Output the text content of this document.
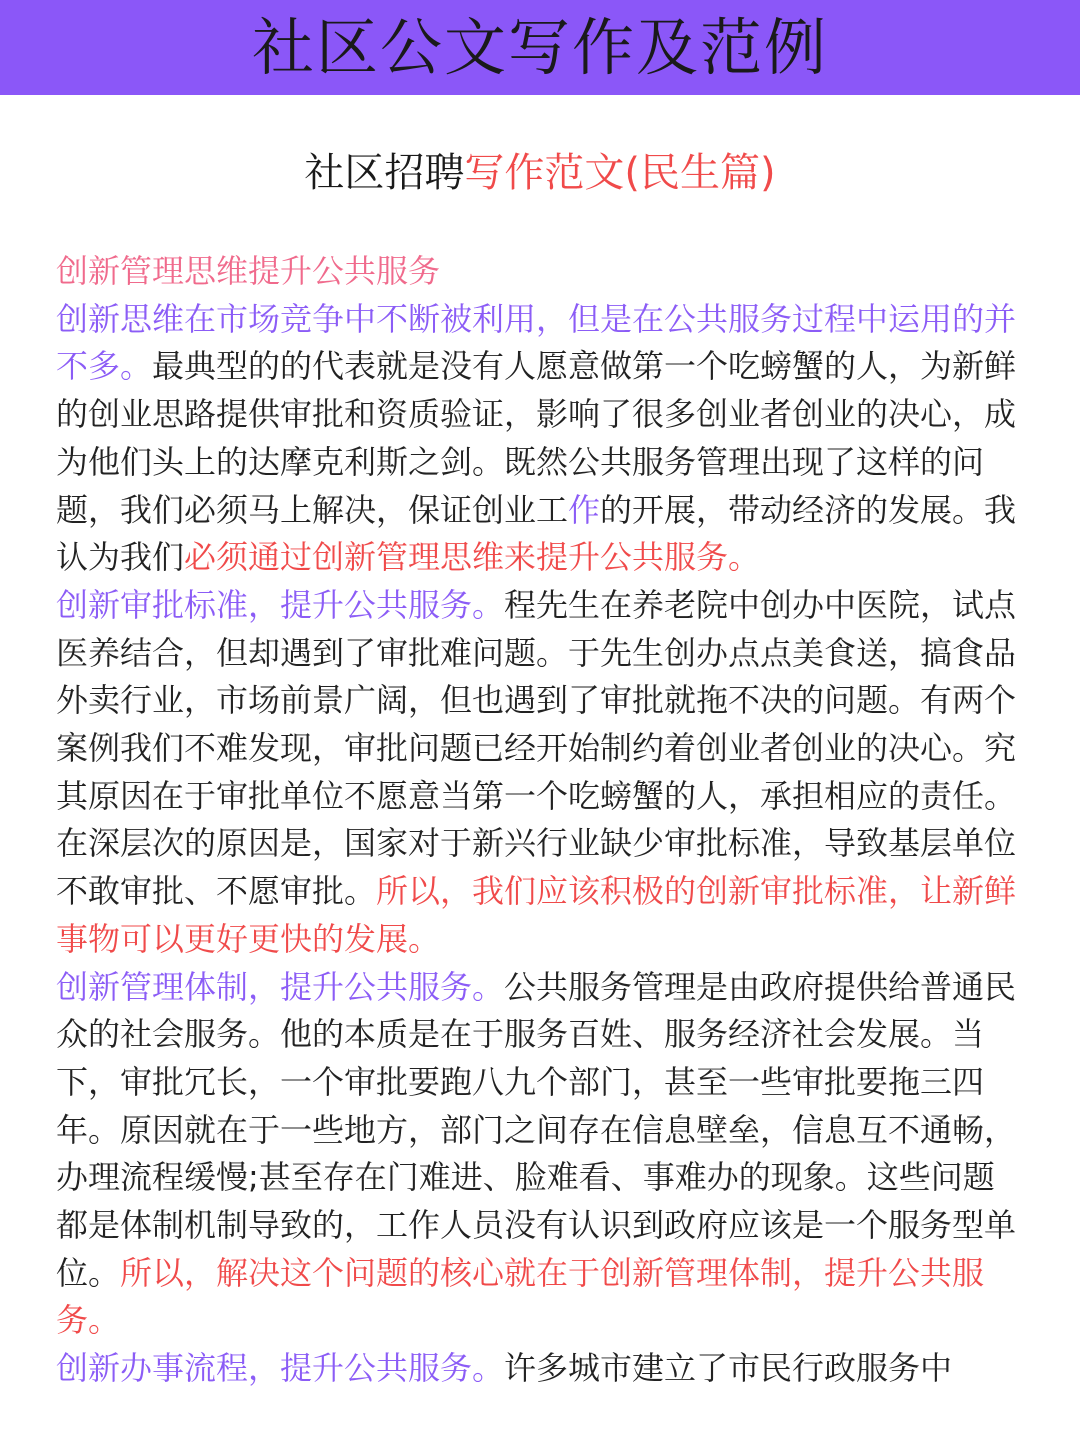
社区公文写作及范例
社区招聘写作范文(民生篇)

创新管理思维提升公共服务

创新思维在市场竞争中不断被利用，但是在公共服务过程中运用的并不多。最典型的的代表就是没有人愿意做第一个吃螃蟹的人，为新鲜的创业思路提供审批和资质验证，影响了很多创业者创业的决心，成为他们头上的达摩克利斯之剑。既然公共服务管理出现了这样的问题，我们必须马上解决，保证创业工作的开展，带动经济的发展。我认为我们必须通过创新管理思维来提升公共服务。

创新审批标准，提升公共服务。程先生在养老院中创办中医院，试点医养结合，但却遇到了审批难问题。于先生创办点点美食送，搞食品外卖行业，市场前景广阔，但也遇到了审批就拖不决的问题。有两个案例我们不难发现，审批问题已经开始制约着创业者创业的决心。究其原因在于审批单位不愿意当第一个吃螃蟹的人，承担相应的责任。在深层次的原因是，国家对于新兴行业缺少审批标准，导致基层单位不敢审批、不愿审批。所以，我们应该积极的创新审批标准，让新鲜事物可以更好更快的发展。

创新管理体制，提升公共服务。公共服务管理是由政府提供给普通民众的社会服务。他的本质是在于服务百姓、服务经济社会发展。当下，审批冗长，一个审批要跑八九个部门，甚至一些审批要拖三四年。原因就在于一些地方，部门之间存在信息壁垒，信息互不通畅，办理流程缓慢;甚至存在门难进、脸难看、事难办的现象。这些问题都是体制机制导致的，工作人员没有认识到政府应该是一个服务型单位。所以，解决这个问题的核心就在于创新管理体制，提升公共服务。

创新办事流程，提升公共服务。许多城市建立了市民行政服务中
